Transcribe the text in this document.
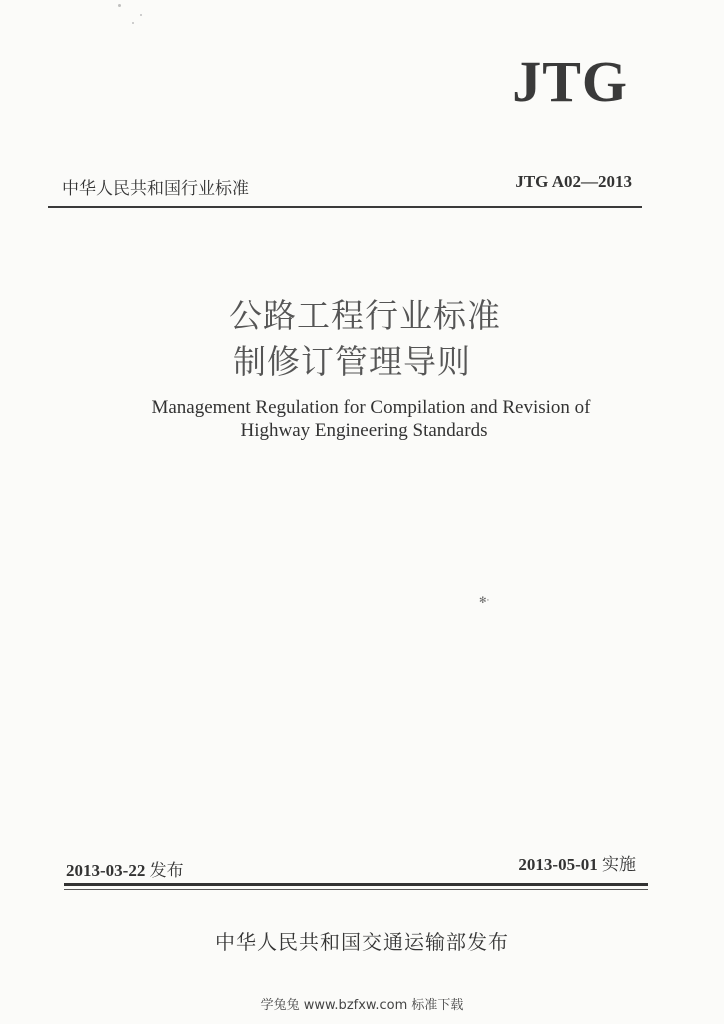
JTG
中华人民共和国行业标准	JTG A02—2013
公路工程行业标准
制修订管理导则
Management Regulation for Compilation and Revision of
Highway Engineering Standards
✻·
2013-03-22 发布	2013-05-01 实施
中华人民共和国交通运输部发布
学兔兔 www.bzfxw.com 标准下载
